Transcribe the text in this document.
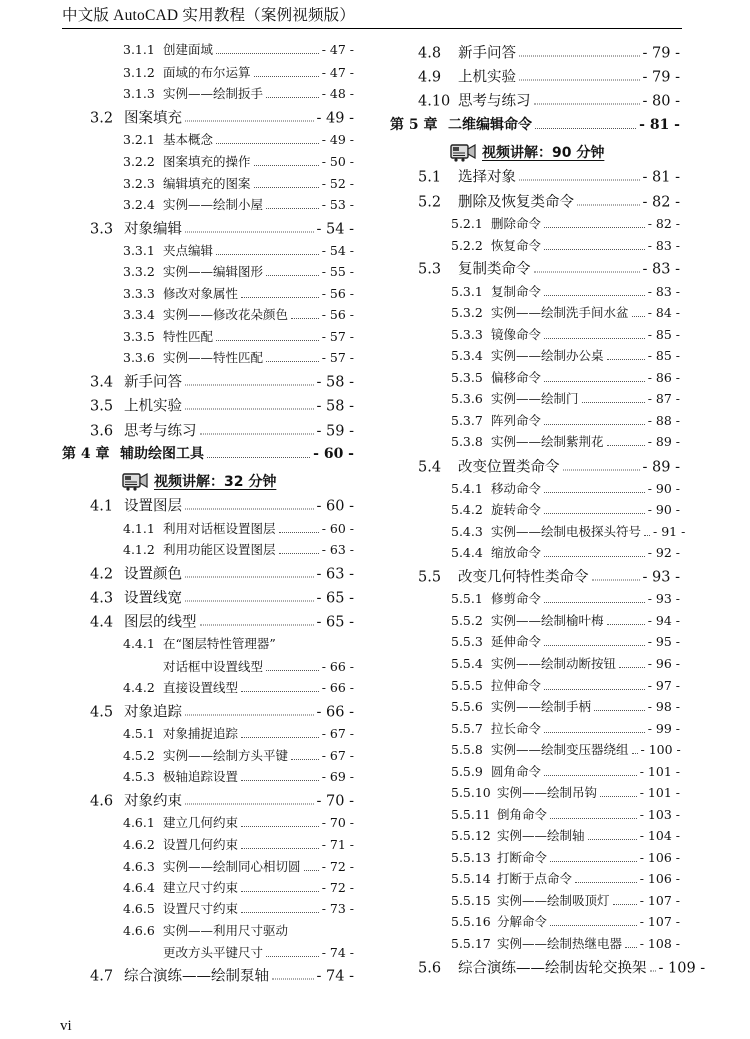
中文版 AutoCAD 实用教程（案例视频版）
3.1.1 创建面域	- 47 -
3.1.2 面域的布尔运算	- 47 -
3.1.3 实例——绘制扳手	- 48 -
3.2 图案填充	- 49 -
3.2.1 基本概念	- 49 -
3.2.2 图案填充的操作	- 50 -
3.2.3 编辑填充的图案	- 52 -
3.2.4 实例——绘制小屋	- 53 -
3.3 对象编辑	- 54 -
3.3.1 夹点编辑	- 54 -
3.3.2 实例——编辑图形	- 55 -
3.3.3 修改对象属性	- 56 -
3.3.4 实例——修改花朵颜色	- 56 -
3.3.5 特性匹配	- 57 -
3.3.6 实例——特性匹配	- 57 -
3.4 新手问答	- 58 -
3.5 上机实验	- 58 -
3.6 思考与练习	- 59 -
第 4 章 辅助绘图工具	- 60 -
视频讲解：32 分钟
4.1 设置图层	- 60 -
4.1.1 利用对话框设置图层	- 60 -
4.1.2 利用功能区设置图层	- 63 -
4.2 设置颜色	- 63 -
4.3 设置线宽	- 65 -
4.4 图层的线型	- 65 -
4.4.1 在“图层特性管理器”
对话框中设置线型	- 66 -
4.4.2 直接设置线型	- 66 -
4.5 对象追踪	- 66 -
4.5.1 对象捕捉追踪	- 67 -
4.5.2 实例——绘制方头平键	- 67 -
4.5.3 极轴追踪设置	- 69 -
4.6 对象约束	- 70 -
4.6.1 建立几何约束	- 70 -
4.6.2 设置几何约束	- 71 -
4.6.3 实例——绘制同心相切圆 - 72 -
4.6.4 建立尺寸约束	- 72 -
4.6.5 设置尺寸约束	- 73 -
4.6.6 实例——利用尺寸驱动
更改方头平键尺寸	- 74 -
4.7 综合演练——绘制泵轴	- 74 -
4.8	新手问答	- 79 -
4.9	上机实验	- 79 -
4.10 思考与练习	- 80 -
第 5 章 二维编辑命令	- 81 -
视频讲解：90 分钟
5.1	选择对象	- 81 -
5.2	删除及恢复类命令	- 82 -
5.2.1 删除命令	- 82 -
5.2.2 恢复命令	- 83 -
5.3	复制类命令	- 83 -
5.3.1 复制命令	- 83 -
5.3.2 实例——绘制洗手间水盆 - 84 -
5.3.3 镜像命令	- 85 -
5.3.4 实例——绘制办公桌	- 85 -
5.3.5 偏移命令	- 86 -
5.3.6 实例——绘制门	- 87 -
5.3.7 阵列命令	- 88 -
5.3.8 实例——绘制紫荆花	- 89 -
5.4	改变位置类命令	- 89 -
5.4.1 移动命令	- 90 -
5.4.2 旋转命令	- 90 -
5.4.3 实例——绘制电极探头符号 - 91 -
5.4.4 缩放命令	- 92 -
5.5	改变几何特性类命令	- 93 -
5.5.1 修剪命令	- 93 -
5.5.2 实例——绘制榆叶梅	- 94 -
5.5.3 延伸命令	- 95 -
5.5.4 实例——绘制动断按钮	- 96 -
5.5.5 拉伸命令	- 97 -
5.5.6 实例——绘制手柄	- 98 -
5.5.7 拉长命令	- 99 -
5.5.8 实例——绘制变压器绕组 - 100 -
5.5.9 圆角命令	- 101 -
5.5.10 实例——绘制吊钩	- 101 -
5.5.11 倒角命令	- 103 -
5.5.12 实例——绘制轴	- 104 -
5.5.13 打断命令	- 106 -
5.5.14 打断于点命令	- 106 -
5.5.15 实例——绘制吸顶灯 - 107 -
5.5.16 分解命令	- 107 -
5.5.17 实例——绘制热继电器 - 108 -
5.6	综合演练——绘制齿轮交换架 - 109 -
vi
